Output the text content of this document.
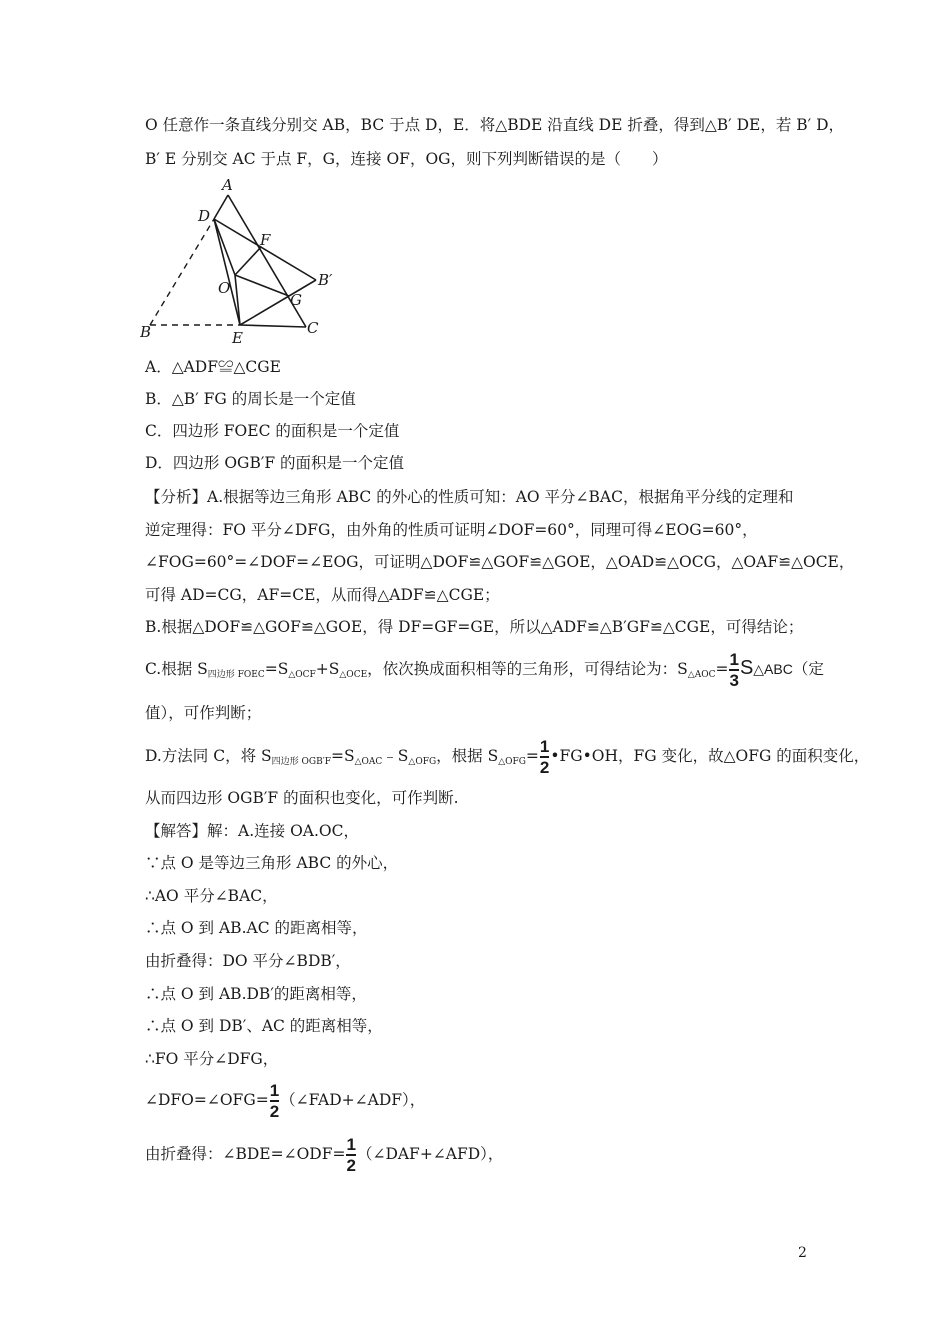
O 任意作一条直线分别交 AB，BC 于点 D，E．将△BDE 沿直线 DE 折叠，得到△B′ DE，若 B′ D，
B′ E 分别交 AC 于点 F，G，连接 OF，OG，则下列判断错误的是（　　）
A
D
F
O	B′
G
B	E
C
A．△ADF≌△CGE
B．△B′ FG 的周长是一个定值
C．四边形 FOEC 的面积是一个定值
D．四边形 OGB′F 的面积是一个定值
【分析】A.根据等边三角形 ABC 的外心的性质可知：AO 平分∠BAC，根据角平分线的定理和
逆定理得：FO 平分∠DFG，由外角的性质可证明∠DOF=60°，同理可得∠EOG=60°，
∠FOG=60°=∠DOF=∠EOG，可证明△DOF≌△GOF≌△GOE，△OAD≌△OCG，△OAF≌△OCE，
可得 AD=CG，AF=CE，从而得△ADF≌△CGE；
B.根据△DOF≌△GOF≌△GOE，得 DF=GF=GE，所以△ADF≌△B′GF≌△CGE，可得结论；
C.根据 $S_{四边形 FOEC}=S_{\triangle OCF}+S_{\triangle OCE}$，依次换成面积相等的三角形，可得结论为：$S_{\triangle AOC}= \frac{1}{3}$ S△ABC（定
值），可作判断；
D.方法同 C，将 $S_{四边形 OGB'F}=S_{\triangle OAC}﹣S_{\triangle OFG}$，根据 $S_{\triangle OFG}= \frac{1}{2}$ •FG•OH，FG 变化，故△OFG 的面积变化，
从而四边形 OGB′F 的面积也变化，可作判断.
【解答】解：A.连接 OA.OC，
∵点 O 是等边三角形 ABC 的外心，
∴AO 平分∠BAC，
∴点 O 到 AB.AC 的距离相等，
由折叠得：DO 平分∠BDB′，
∴点 O 到 AB.DB′的距离相等，
∴点 O 到 DB′、AC 的距离相等，
∴FO 平分∠DFG，
∠DFO=∠OFG= $\frac{1}{2}$ （∠FAD+∠ADF），
由折叠得：∠BDE=∠ODF= $\frac{1}{2}$ （∠DAF+∠AFD），
2
